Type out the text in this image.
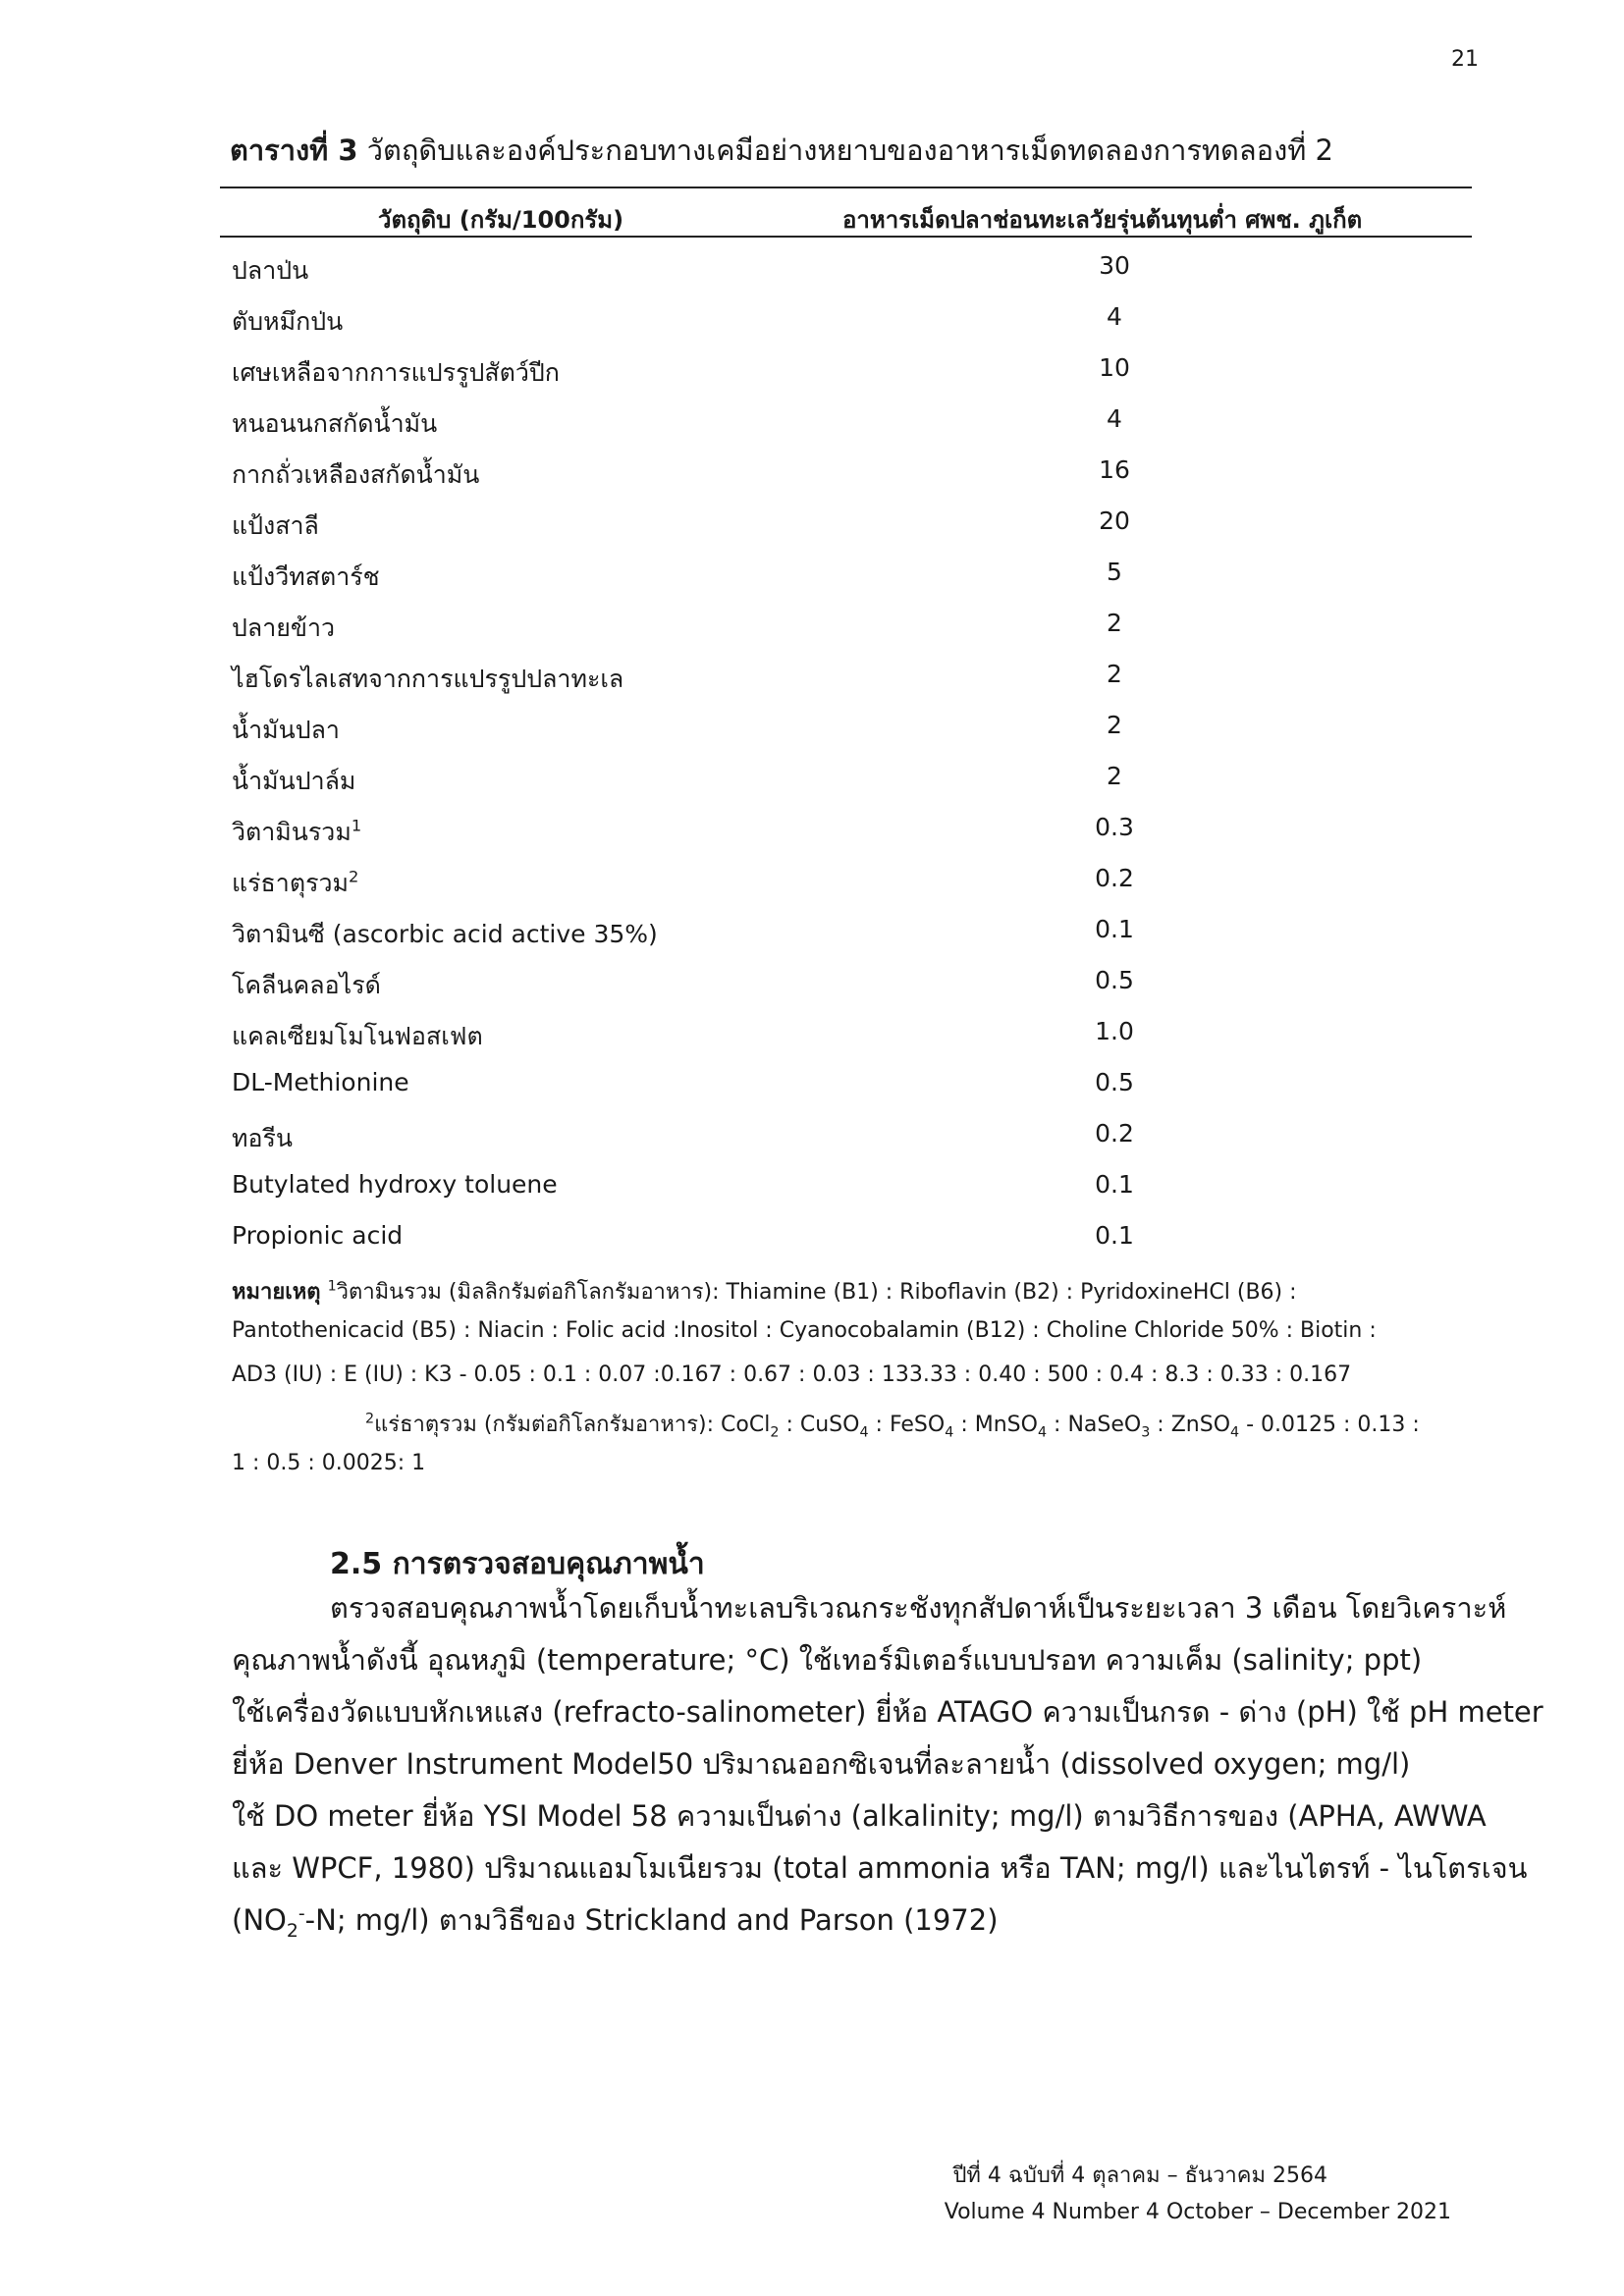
21
ตารางที่ 3 วัตถุดิบและองค์ประกอบทางเคมีอย่างหยาบของอาหารเม็ดทดลองการทดลองที่ 2
วัตถุดิบ (กรัม/100กรัม)	อาหารเม็ดปลาช่อนทะเลวัยรุ่นต้นทุนต่ำ ศพช. ภูเก็ต
ปลาป่น	30
ตับหมึกป่น	4
เศษเหลือจากการแปรรูปสัตว์ปีก	10
หนอนนกสกัดน้ำมัน	4
กากถั่วเหลืองสกัดน้ำมัน	16
แป้งสาลี	20
แป้งวีทสตาร์ช	5
ปลายข้าว	2
ไฮโดรไลเสทจากการแปรรูปปลาทะเล	2
น้ำมันปลา	2
น้ำมันปาล์ม	2
วิตามินรวม$^1$	0.3
แร่ธาตุรวม$^2$	0.2
วิตามินซี (ascorbic acid active 35%)	0.1
โคลีนคลอไรด์	0.5
แคลเซียมโมโนฟอสเฟต	1.0
DL-Methionine	0.5
ทอรีน	0.2
Butylated hydroxy toluene	0.1
Propionic acid	0.1
หมายเหตุ $^1$วิตามินรวม (มิลลิกรัมต่อกิโลกรัมอาหาร): Thiamine (B1) : Riboflavin (B2) : PyridoxineHCl (B6) :
Pantothenicacid (B5) : Niacin : Folic acid :Inositol : Cyanocobalamin (B12) : Choline Chloride 50% : Biotin :
AD3 (IU) : E (IU) : K3 - 0.05 : 0.1 : 0.07 :0.167 : 0.67 : 0.03 : 133.33 : 0.40 : 500 : 0.4 : 8.3 : 0.33 : 0.167
$^2$แร่ธาตุรวม (กรัมต่อกิโลกรัมอาหาร): CoCl$_2$ : CuSO$_4$ : FeSO$_4$ : MnSO$_4$ : NaSeO$_3$ : ZnSO$_4$ - 0.0125 : 0.13 :
1 : 0.5 : 0.0025: 1
2.5 การตรวจสอบคุณภาพน้ำ
ตรวจสอบคุณภาพน้ำโดยเก็บน้ำทะเลบริเวณกระชังทุกสัปดาห์เป็นระยะเวลา 3 เดือน โดยวิเคราะห์
คุณภาพน้ำดังนี้ อุณหภูมิ (temperature; °C) ใช้เทอร์มิเตอร์แบบปรอท ความเค็ม (salinity; ppt)
ใช้เครื่องวัดแบบหักเหแสง (refracto-salinometer) ยี่ห้อ ATAGO ความเป็นกรด - ด่าง (pH) ใช้ pH meter
ยี่ห้อ Denver Instrument Model50 ปริมาณออกซิเจนที่ละลายน้ำ (dissolved oxygen; mg/l)
ใช้ DO meter ยี่ห้อ YSI Model 58 ความเป็นด่าง (alkalinity; mg/l) ตามวิธีการของ (APHA, AWWA
และ WPCF, 1980) ปริมาณแอมโมเนียรวม (total ammonia หรือ TAN; mg/l) และไนไตรท์ - ไนโตรเจน
($NO_2^--N$; mg/l) ตามวิธีของ Strickland and Parson (1972)
ปีที่ 4 ฉบับที่ 4 ตุลาคม – ธันวาคม 2564
Volume 4 Number 4 October – December 2021
